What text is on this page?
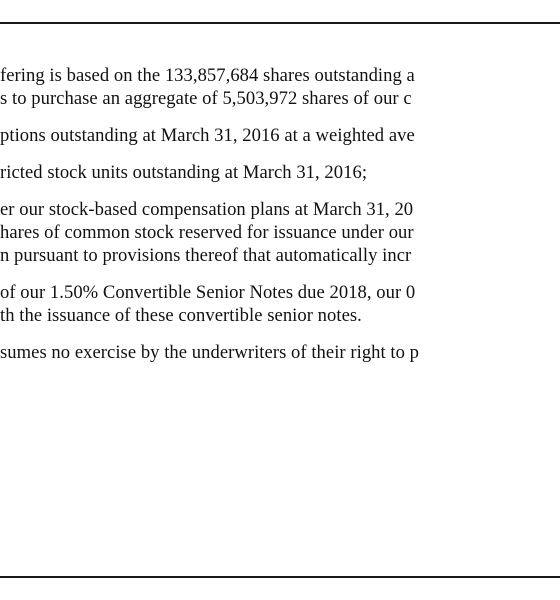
fering is based on the 133,857,684 shares outstanding a
s to purchase an aggregate of 5,503,972 shares of our c
ptions outstanding at March 31, 2016 at a weighted ave
ricted stock units outstanding at March 31, 2016;
er our stock-based compensation plans at March 31, 20
hares of common stock reserved for issuance under our
n pursuant to provisions thereof that automatically incr
of our 1.50% Convertible Senior Notes due 2018, our 0
th the issuance of these convertible senior notes.
sumes no exercise by the underwriters of their right to p
